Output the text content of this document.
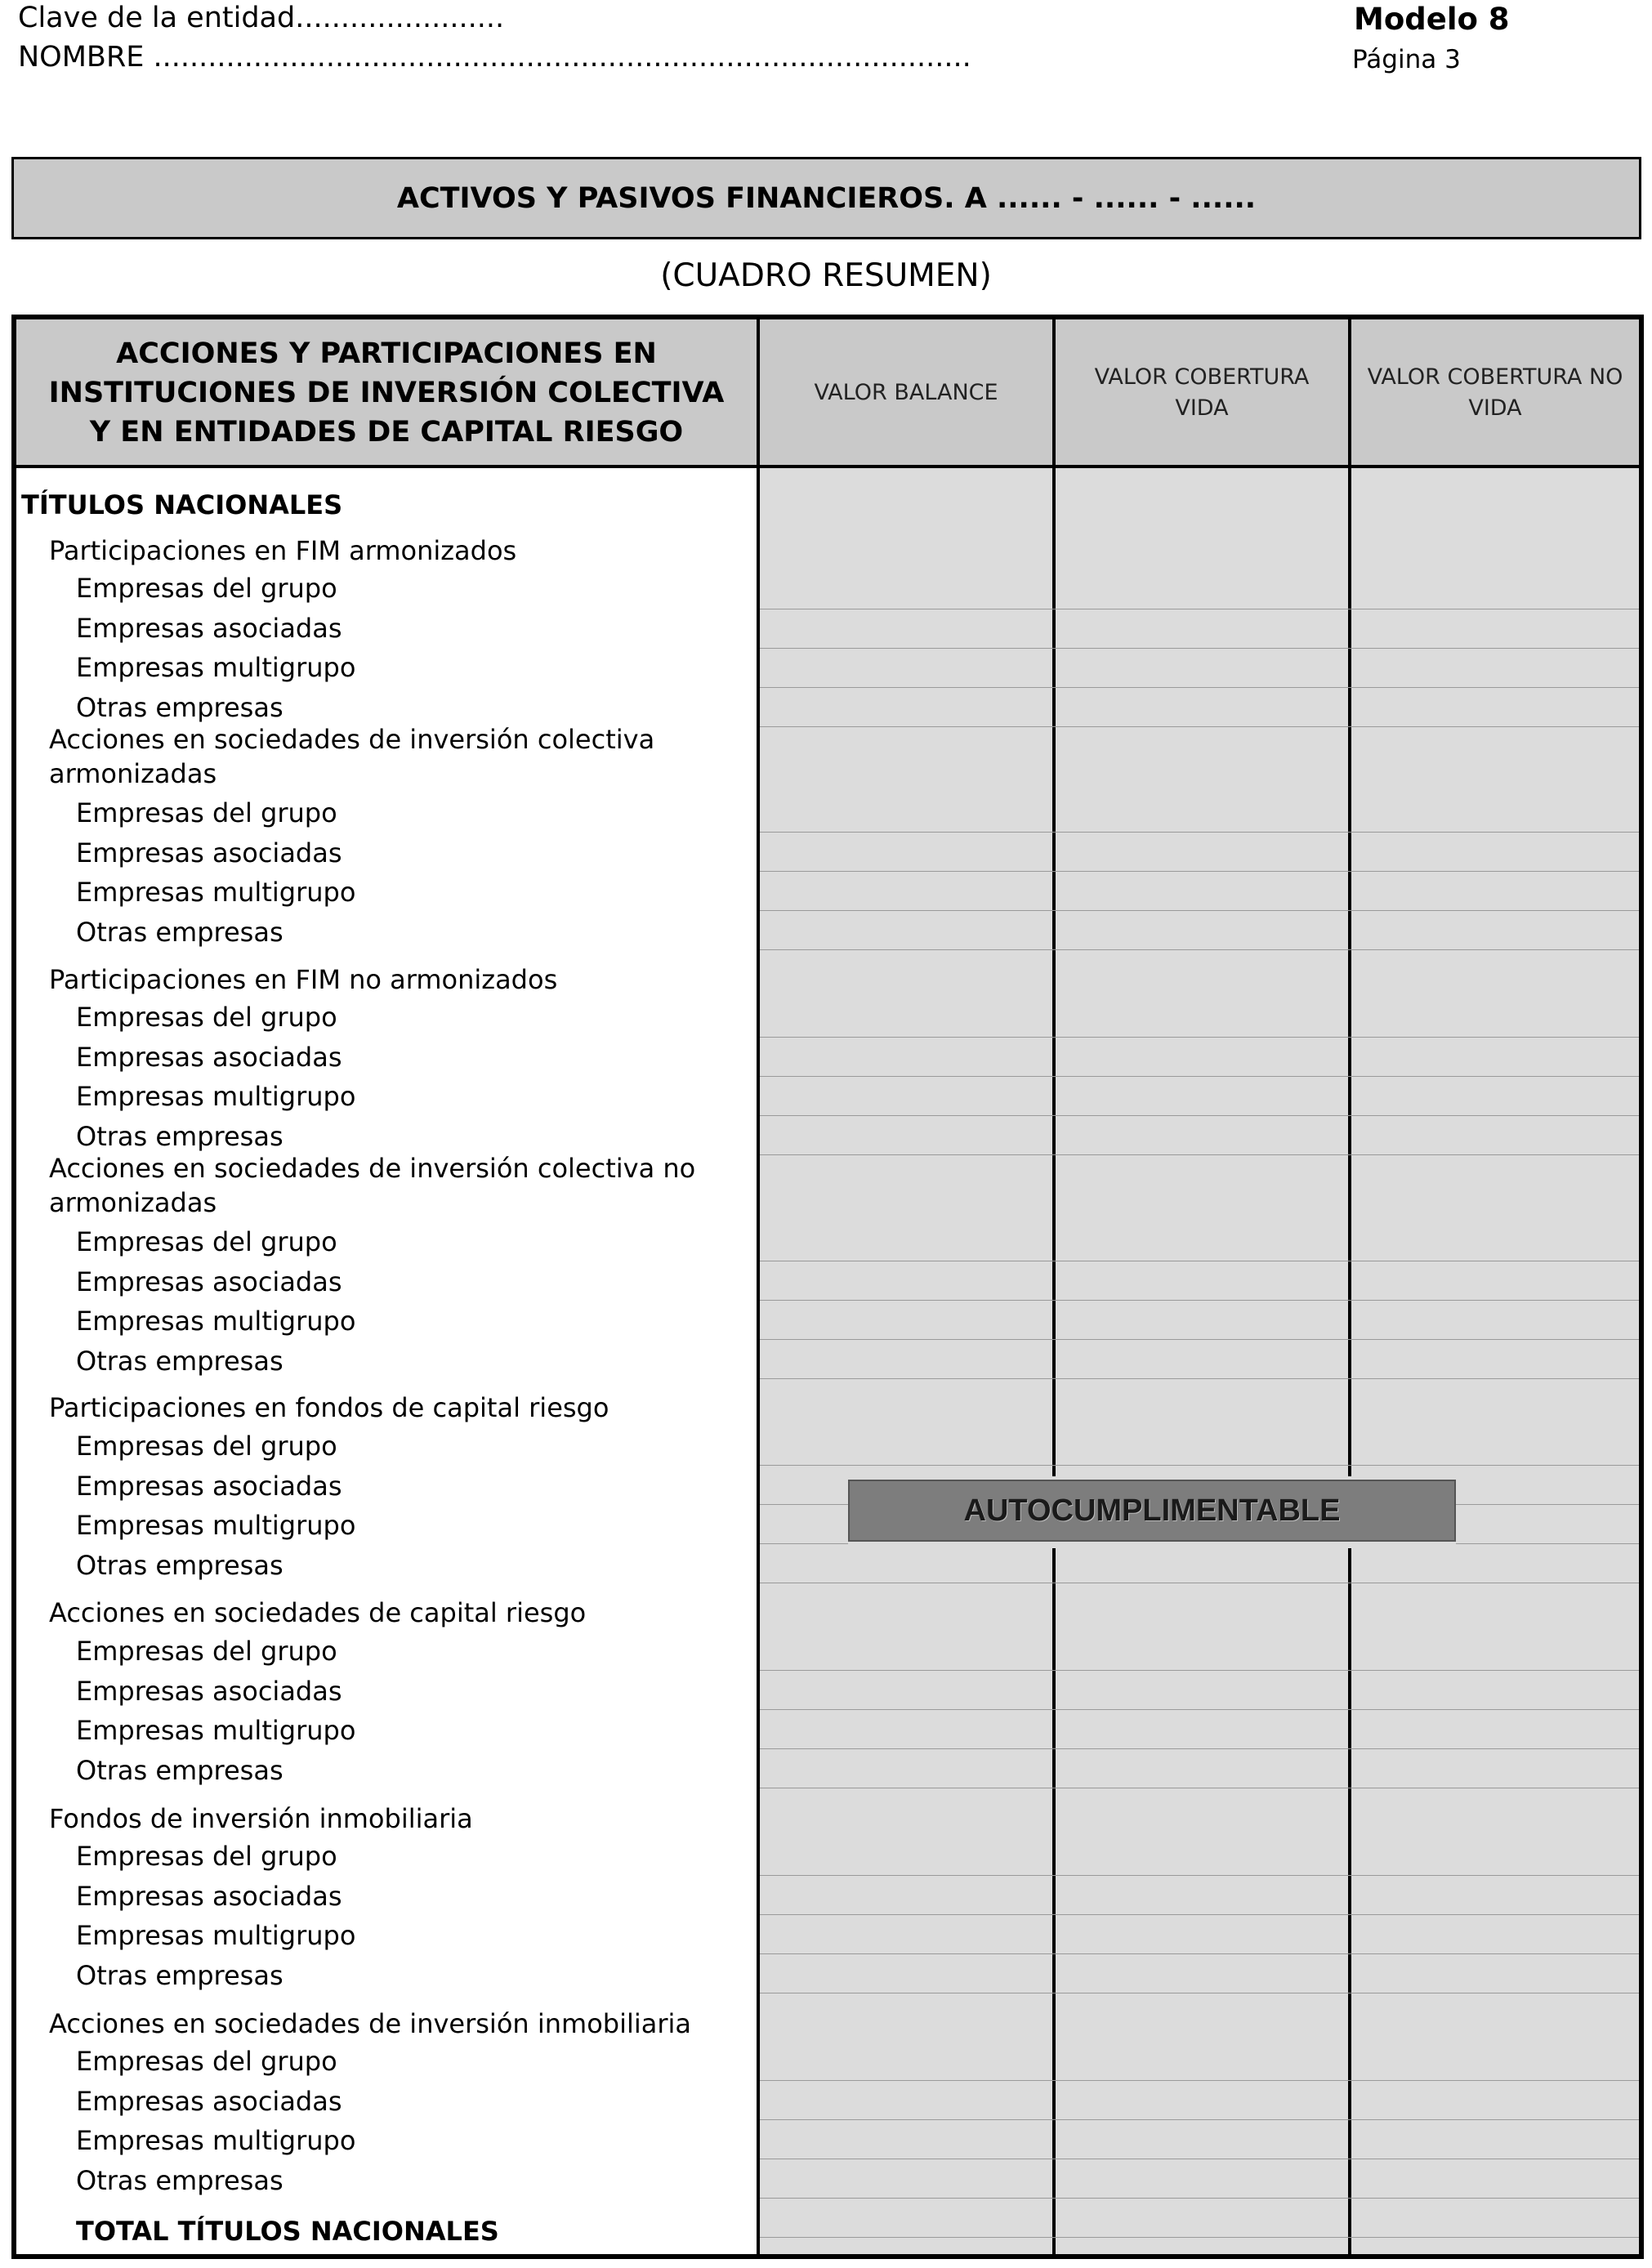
Clave de la entidad.......................
NOMBRE ..........................................................................................
Modelo 8
Página 3
ACTIVOS Y PASIVOS FINANCIEROS. A ...... - ...... - ......
(CUADRO RESUMEN)
ACCIONES Y PARTICIPACIONES EN
INSTITUCIONES DE INVERSIÓN COLECTIVA
Y EN ENTIDADES DE CAPITAL RIESGO
VALOR BALANCE
VALOR COBERTURA
VIDA
VALOR COBERTURA NO
VIDA
TÍTULOS NACIONALES
Participaciones en FIM armonizados
Empresas del grupo
Empresas asociadas
Empresas multigrupo
Otras empresas
Acciones en sociedades de inversión colectiva
armonizadas
Empresas del grupo
Empresas asociadas
Empresas multigrupo
Otras empresas
Participaciones en FIM no armonizados
Empresas del grupo
Empresas asociadas
Empresas multigrupo
Otras empresas
Acciones en sociedades de inversión colectiva no
armonizadas
Empresas del grupo
Empresas asociadas
Empresas multigrupo
Otras empresas
Participaciones en fondos de capital riesgo
Empresas del grupo
Empresas asociadas
Empresas multigrupo
Otras empresas
Acciones en sociedades de capital riesgo
Empresas del grupo
Empresas asociadas
Empresas multigrupo
Otras empresas
Fondos de inversión inmobiliaria
Empresas del grupo
Empresas asociadas
Empresas multigrupo
Otras empresas
Acciones en sociedades de inversión inmobiliaria
Empresas del grupo
Empresas asociadas
Empresas multigrupo
Otras empresas
TOTAL TÍTULOS NACIONALES
AUTOCUMPLIMENTABLE
